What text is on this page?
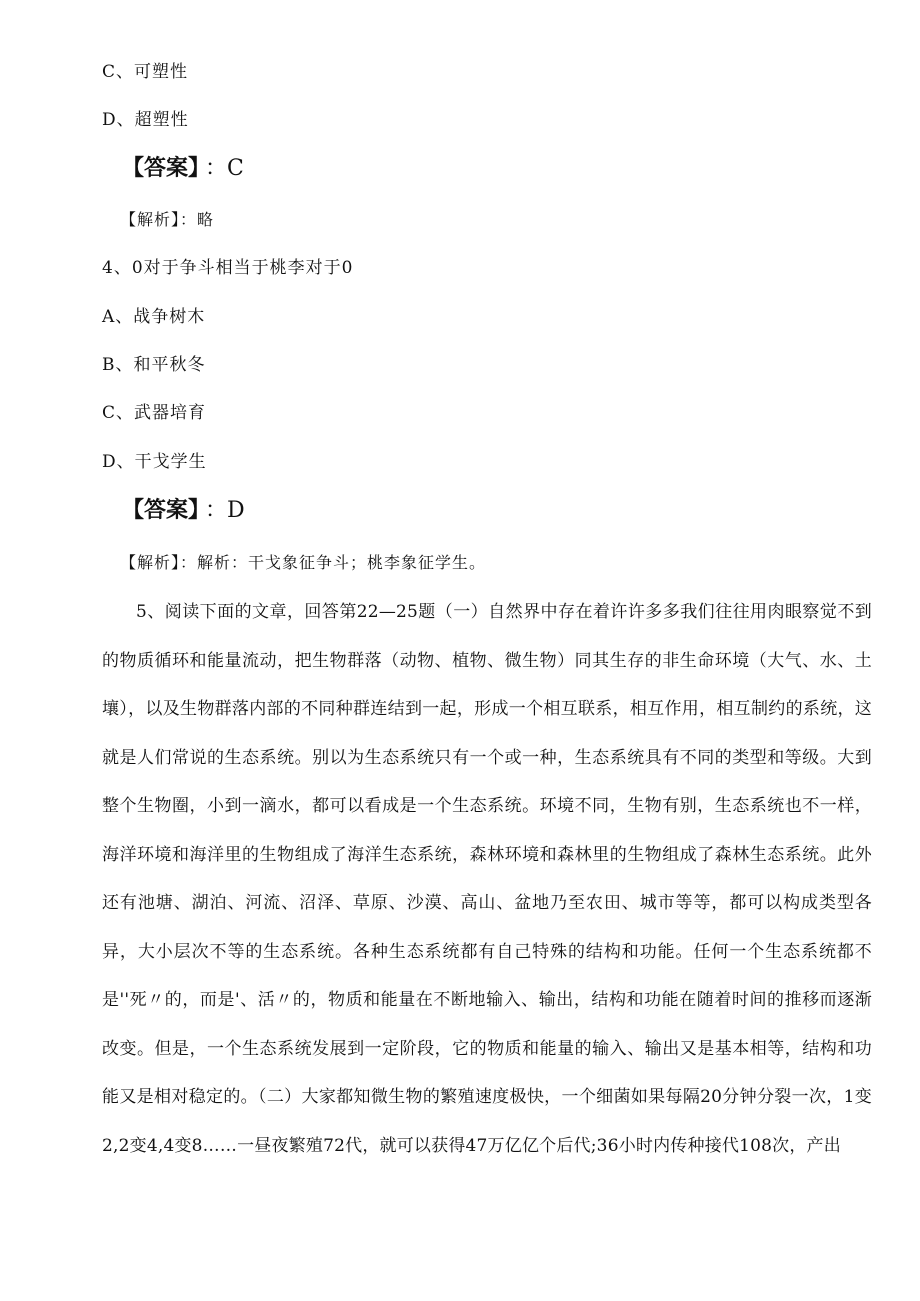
C、可塑性
D、超塑性
【答案】 ：C
【解析】：略
4、0对于争斗相当于桃李对于0
A、战争树木
B、和平秋冬
C、武器培育
D、干戈学生
【答案】 ：D
【解析】：解析：干戈象征争斗；桃李象征学生。
5、阅读下面的文章，回答第22—25题（一）自然界中存在着许许多多我们往往用肉眼察觉不到的物质循环和能量流动，把生物群落（动物、植物、微生物）同其生存的非生命环境（大气、水、土壤），以及生物群落内部的不同种群连结到一起，形成一个相互联系，相互作用，相互制约的系统，这就是人们常说的生态系统。别以为生态系统只有一个或一种，生态系统具有不同的类型和等级。大到整个生物圈，小到一滴水，都可以看成是一个生态系统。环境不同，生物有别，生态系统也不一样，海洋环境和海洋里的生物组成了海洋生态系统，森林环境和森林里的生物组成了森林生态系统。此外还有池塘、湖泊、河流、沼泽、草原、沙漠、高山、盆地乃至农田、城市等等，都可以构成类型各异，大小层次不等的生态系统。各种生态系统都有自己特殊的结构和功能。任何一个生态系统都不是''死〃的，而是'、活〃的，物质和能量在不断地输入、输出，结构和功能在随着时间的推移而逐渐改变。但是，一个生态系统发展到一定阶段，它的物质和能量的输入、输出又是基本相等，结构和功能又是相对稳定的。（二）大家都知微生物的繁殖速度极快，一个细菌如果每隔20分钟分裂一次，1变2,2变4,4变8……一昼夜繁殖72代，就可以获得47万亿亿个后代;36小时内传种接代108次，产出
